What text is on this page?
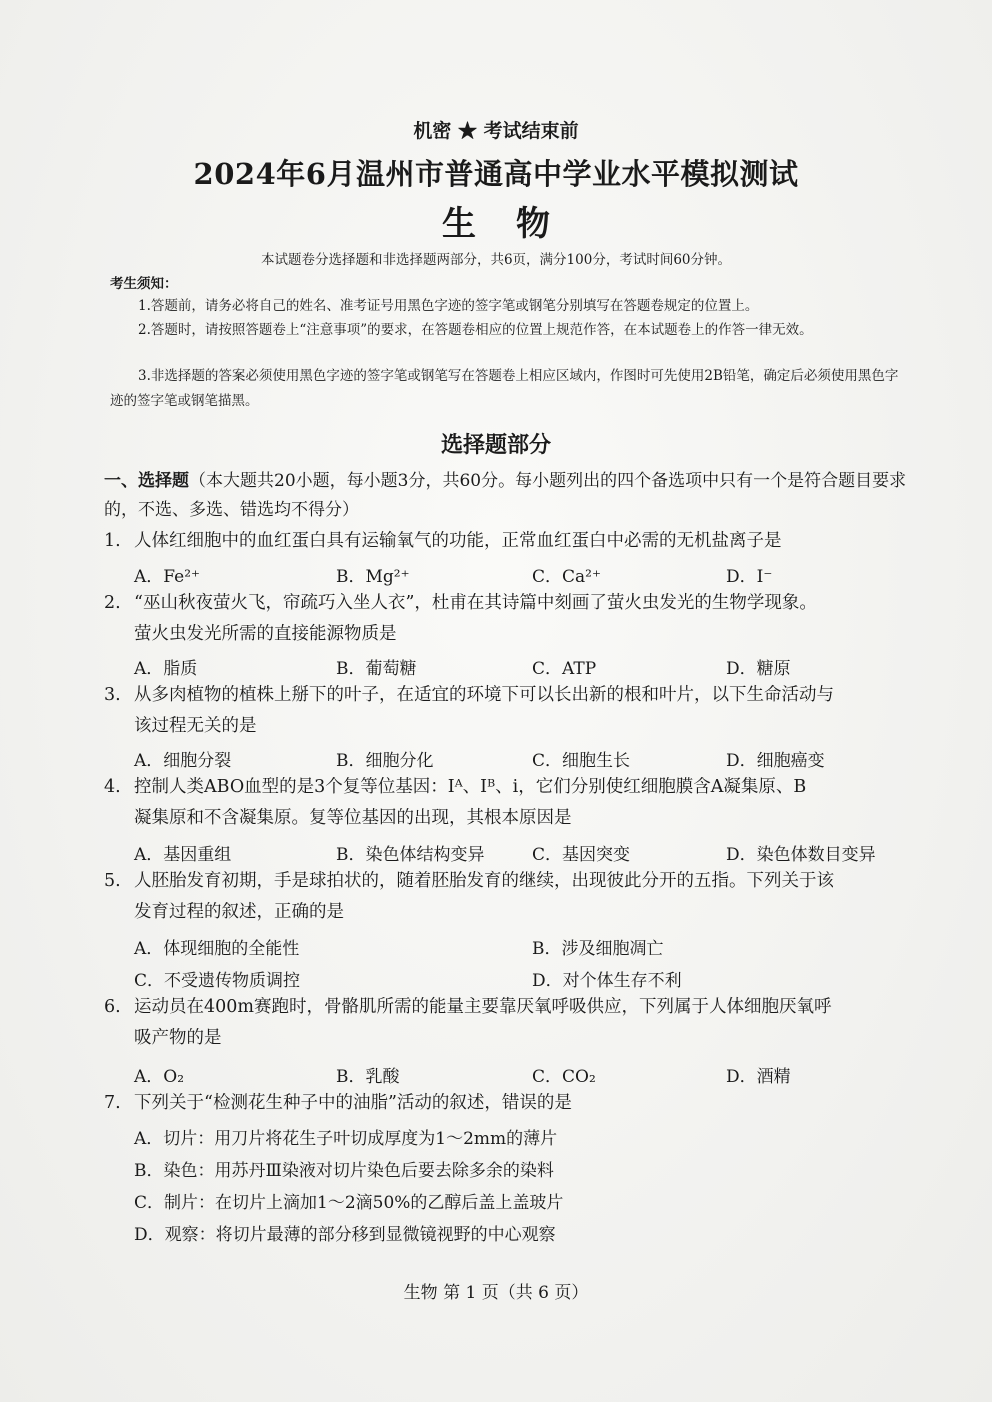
机密 ★ 考试结束前
2024年6月温州市普通高中学业水平模拟测试
生物
本试题卷分选择题和非选择题两部分，共6页，满分100分，考试时间60分钟。
考生须知：

1.答题前，请务必将自己的姓名、准考证号用黑色字迹的签字笔或钢笔分别填写在答题卷规定的位置上。

2.答题时，请按照答题卷上“注意事项”的要求，在答题卷相应的位置上规范作答，在本试题卷上的作答一律无效。

3.非选择题的答案必须使用黑色字迹的签字笔或钢笔写在答题卷上相应区域内，作图时可先使用2B铅笔，确定后必须使用黑色字迹的签字笔或钢笔描黑。

选择题部分
一、选择题（本大题共20小题，每小题3分，共60分。每小题列出的四个备选项中只有一个是符合题目要求的，不选、多选、错选均不得分）
1. 人体红细胞中的血红蛋白具有运输氧气的功能，正常血红蛋白中必需的无机盐离子是
A．Fe²⁺	B．Mg²⁺	C．Ca²⁺	D．I⁻
2. “巫山秋夜萤火飞，帘疏巧入坐人衣”，杜甫在其诗篇中刻画了萤火虫发光的生物学现象。
萤火虫发光所需的直接能源物质是
A．脂质	B．葡萄糖	C．ATP	D．糖原
3. 从多肉植物的植株上掰下的叶子，在适宜的环境下可以长出新的根和叶片，以下生命活动与
该过程无关的是
A．细胞分裂	B．细胞分化	C．细胞生长	D．细胞癌变
4. 控制人类ABO血型的是3个复等位基因：Iᴬ、Iᴮ、i，它们分别使红细胞膜含A凝集原、B
凝集原和不含凝集原。复等位基因的出现，其根本原因是
A．基因重组	B．染色体结构变异	C．基因突变	D．染色体数目变异
5. 人胚胎发育初期，手是球拍状的，随着胚胎发育的继续，出现彼此分开的五指。下列关于该
发育过程的叙述，正确的是
A．体现细胞的全能性	B．涉及细胞凋亡
C．不受遗传物质调控	D．对个体生存不利
6. 运动员在400m赛跑时，骨骼肌所需的能量主要靠厌氧呼吸供应，下列属于人体细胞厌氧呼
吸产物的是
A．O₂	B．乳酸	C．CO₂	D．酒精
7. 下列关于“检测花生种子中的油脂”活动的叙述，错误的是
A．切片：用刀片将花生子叶切成厚度为1～2mm的薄片
B．染色：用苏丹Ⅲ染液对切片染色后要去除多余的染料
C．制片：在切片上滴加1～2滴50%的乙醇后盖上盖玻片
D．观察：将切片最薄的部分移到显微镜视野的中心观察
生物 第 1 页（共 6 页）
